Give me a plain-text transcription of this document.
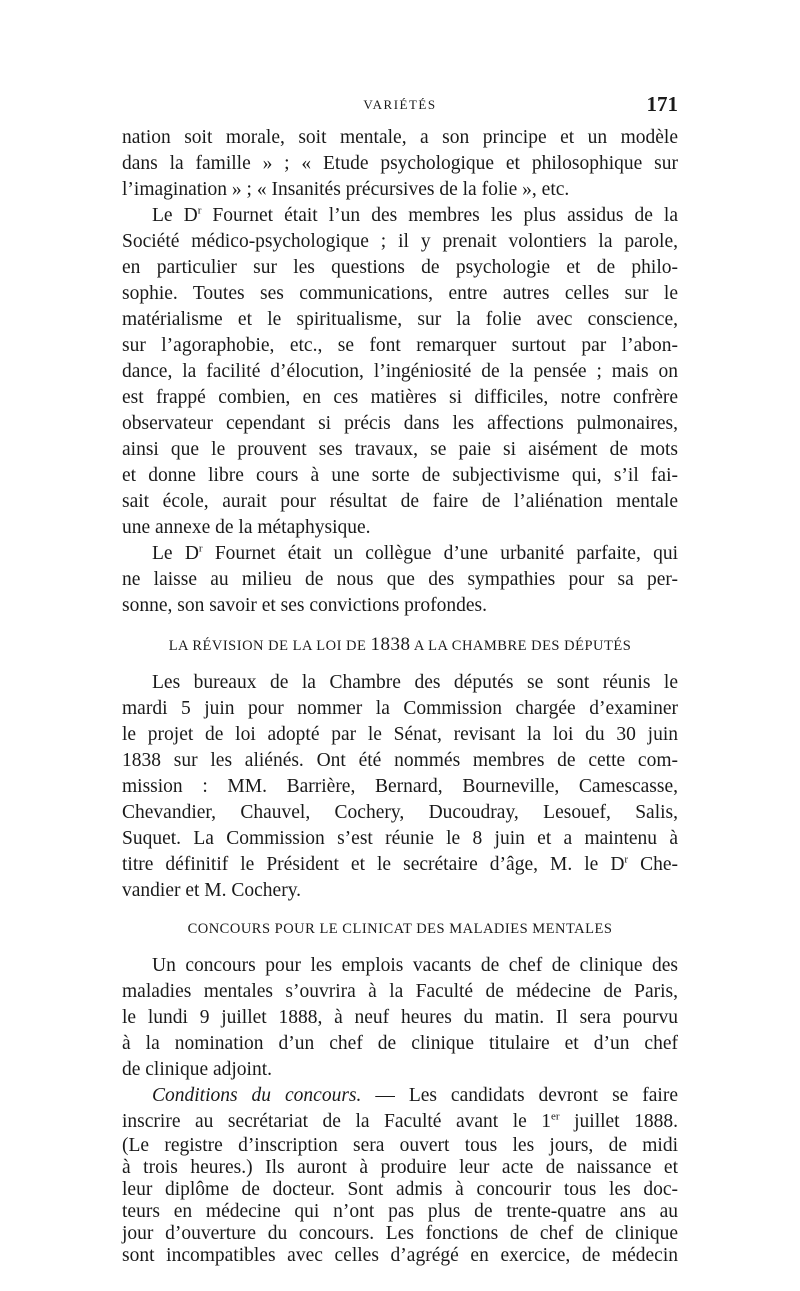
VARIÉTÉS	171
nation soit morale, soit mentale, a son principe et un modèle
dans la famille » ; « Etude psychologique et philosophique sur
l’imagination » ; « Insanités précursives de la folie », etc.
Le $D^r$ Fournet était l’un des membres les plus assidus de la
Société médico-psychologique ; il y prenait volontiers la parole,
en particulier sur les questions de psychologie et de philo-
sophie. Toutes ses communications, entre autres celles sur le
matérialisme et le spiritualisme, sur la folie avec conscience,
sur l’agoraphobie, etc., se font remarquer surtout par l’abon-
dance, la facilité d’élocution, l’ingéniosité de la pensée ; mais on
est frappé combien, en ces matières si difficiles, notre confrère
observateur cependant si précis dans les affections pulmonaires,
ainsi que le prouvent ses travaux, se paie si aisément de mots
et donne libre cours à une sorte de subjectivisme qui, s’il fai-
sait école, aurait pour résultat de faire de l’aliénation mentale
une annexe de la métaphysique.
Le $D^r$ Fournet était un collègue d’une urbanité parfaite, qui
ne laisse au milieu de nous que des sympathies pour sa per-
sonne, son savoir et ses convictions profondes.
LA RÉVISION DE LA LOI DE 1838 A LA CHAMBRE DES DÉPUTÉS
Les bureaux de la Chambre des députés se sont réunis le
mardi 5 juin pour nommer la Commission chargée d’examiner
le projet de loi adopté par le Sénat, revisant la loi du 30 juin
1838 sur les aliénés. Ont été nommés membres de cette com-
mission : MM. Barrière, Bernard, Bourneville, Camescasse,
Chevandier, Chauvel, Cochery, Ducoudray, Lesouef, Salis,
Suquet. La Commission s’est réunie le 8 juin et a maintenu à
titre définitif le Président et le secrétaire d’âge, M. le $D^r$ Che-
vandier et M. Cochery.
CONCOURS POUR LE CLINICAT DES MALADIES MENTALES
Un concours pour les emplois vacants de chef de clinique des
maladies mentales s’ouvrira à la Faculté de médecine de Paris,
le lundi 9 juillet 1888, à neuf heures du matin. Il sera pourvu
à la nomination d’un chef de clinique titulaire et d’un chef
de clinique adjoint.
Conditions du concours. — Les candidats devront se faire
inscrire au secrétariat de la Faculté avant le 1er juillet 1888.
(Le registre d’inscription sera ouvert tous les jours, de midi
à trois heures.) Ils auront à produire leur acte de naissance et
leur diplôme de docteur. Sont admis à concourir tous les doc-
teurs en médecine qui n’ont pas plus de trente-quatre ans au
jour d’ouverture du concours. Les fonctions de chef de clinique
sont incompatibles avec celles d’agrégé en exercice, de médecin
